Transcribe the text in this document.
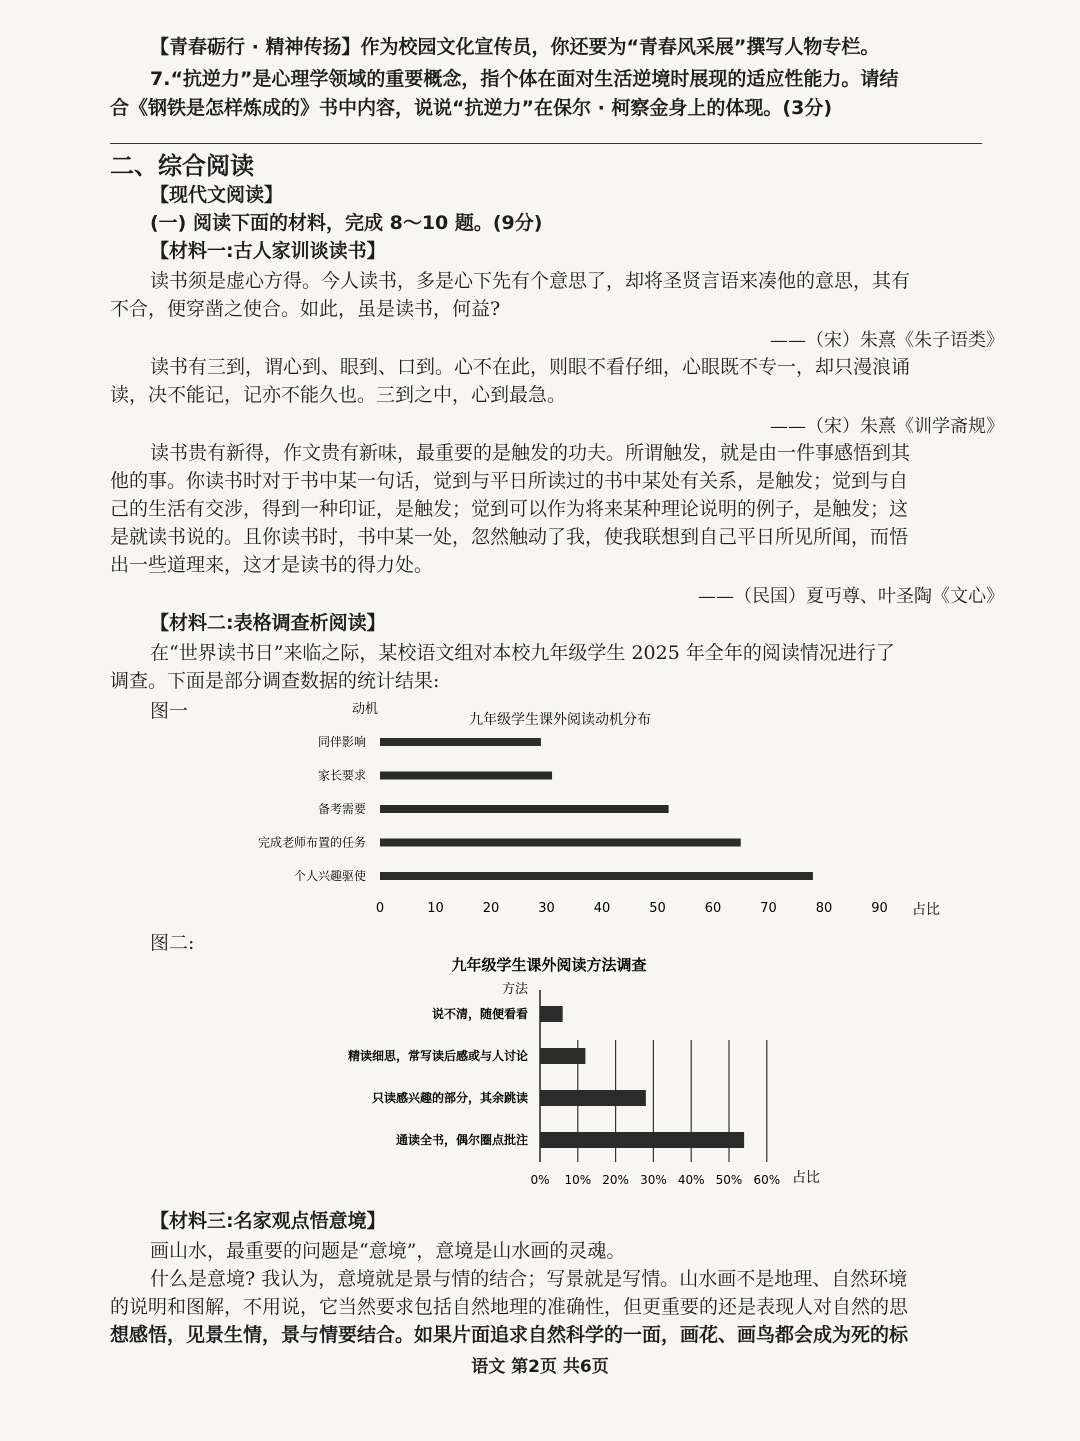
【青春砺行 · 精神传扬】作为校园文化宣传员，你还要为“青春风采展”撰写人物专栏。
7.“抗逆力”是心理学领域的重要概念，指个体在面对生活逆境时展现的适应性能力。请结
合《钢铁是怎样炼成的》书中内容，说说“抗逆力”在保尔 · 柯察金身上的体现。(3分)
二、综合阅读
【现代文阅读】
(一) 阅读下面的材料，完成 8～10 题。(9分)
【材料一:古人家训谈读书】
读书须是虚心方得。今人读书，多是心下先有个意思了，却将圣贤言语来凑他的意思，其有
不合，便穿凿之使合。如此，虽是读书，何益?
——（宋）朱熹《朱子语类》
读书有三到，谓心到、眼到、口到。心不在此，则眼不看仔细，心眼既不专一，却只漫浪诵
读，决不能记，记亦不能久也。三到之中，心到最急。
——（宋）朱熹《训学斋规》
读书贵有新得，作文贵有新味，最重要的是触发的功夫。所谓触发，就是由一件事感悟到其
他的事。你读书时对于书中某一句话，觉到与平日所读过的书中某处有关系，是触发；觉到与自
己的生活有交涉，得到一种印证，是触发；觉到可以作为将来某种理论说明的例子，是触发；这
是就读书说的。且你读书时，书中某一处，忽然触动了我，使我联想到自己平日所见所闻，而悟
出一些道理来，这才是读书的得力处。
——（民国）夏丏尊、叶圣陶《文心》
【材料二:表格调查析阅读】
在“世界读书日”来临之际，某校语文组对本校九年级学生 2025 年全年的阅读情况进行了
调查。下面是部分调查数据的统计结果:
图一	九年级学生课外阅读动机分布
动机
同伴影响
家长要求
备考需要
完成老师布置的任务
个人兴趣驱使
0	10	20	30	40	50	60	70	80	90 占比
图二:
九年级学生课外阅读方法调查
方法
说不清，随便看看
精读细思，常写读后感或与人讨论
只读感兴趣的部分，其余跳读
通读全书，偶尔圈点批注
0% 10% 20% 30% 40% 50% 60% 占比
【材料三:名家观点悟意境】
画山水，最重要的问题是“意境”，意境是山水画的灵魂。
什么是意境? 我认为，意境就是景与情的结合；写景就是写情。山水画不是地理、自然环境
的说明和图解，不用说，它当然要求包括自然地理的准确性，但更重要的还是表现人对自然的思
想感悟，见景生情，景与情要结合。如果片面追求自然科学的一面，画花、画鸟都会成为死的标
语文 第2页 共6页
